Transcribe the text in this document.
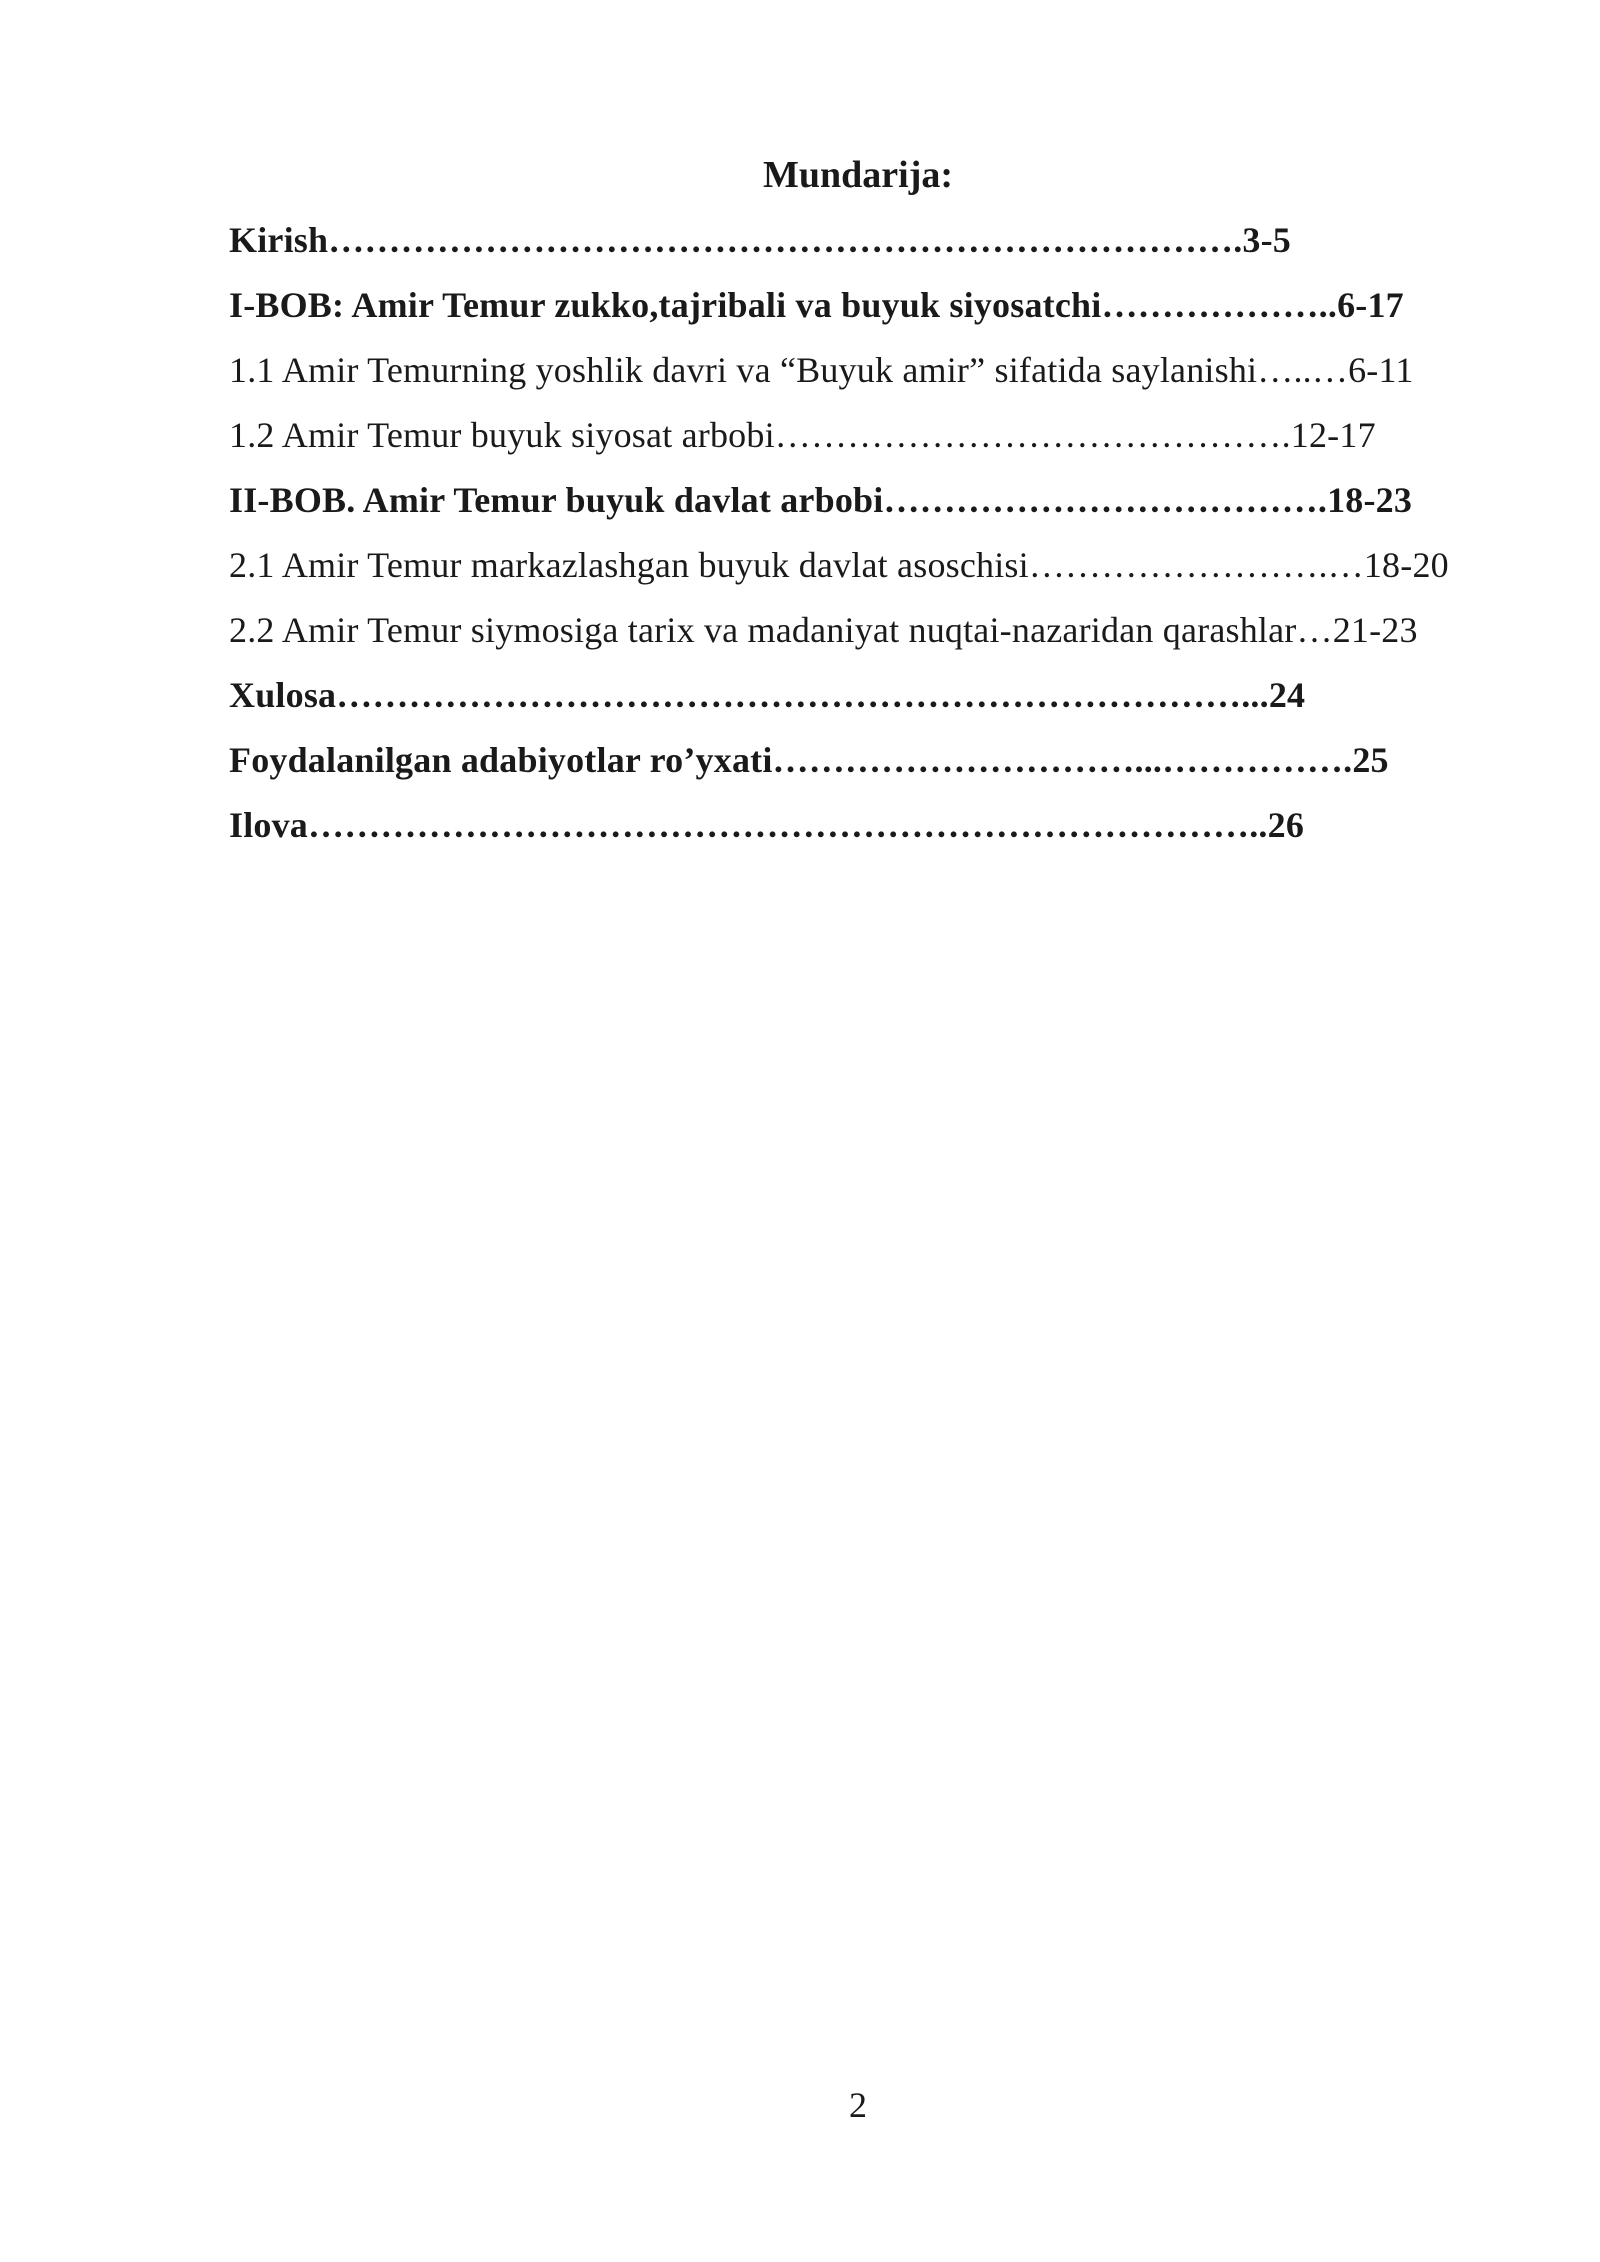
Mundarija:
Kirish………………………………………………………………….3-5
I-BOB: Amir Temur zukko,tajribali va buyuk siyosatchi………………..6-17
1.1 Amir Temurning yoshlik davri va “Buyuk amir” sifatida saylanishi…..…6-11
1.2 Amir Temur buyuk siyosat arbobi…………………………………….12-17
II-BOB. Amir Temur buyuk davlat arbobi……………………………….18-23
2.1 Amir Temur markazlashgan buyuk davlat asoschisi…………………….…18-20
2.2 Amir Temur siymosiga tarix va madaniyat nuqtai-nazaridan qarashlar…21-23
Xulosa…………………………………………………………………...24
Foydalanilgan adabiyotlar ro’yxati…………………………...…………….25
Ilova……………………………………………………………………..26
2
